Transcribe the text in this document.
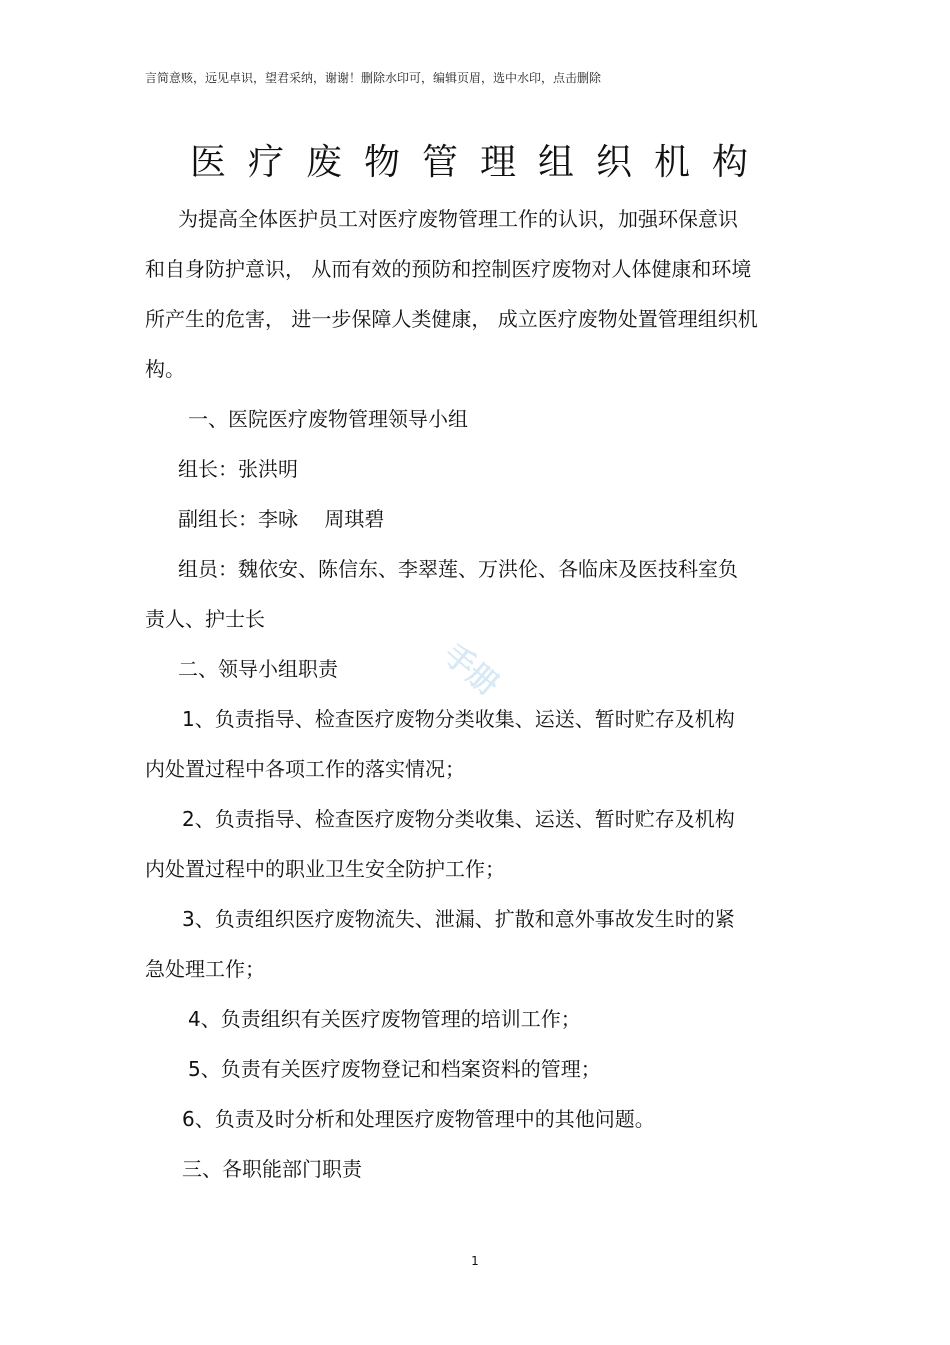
言简意赅，远见卓识，望君采纳，谢谢！删除水印可，编辑页眉，选中水印，点击删除
医疗废物管理组织机构
为提高全体医护员工对医疗废物管理工作的认识，加强环保意识
和自身防护意识， 从而有效的预防和控制医疗废物对人体健康和环境
所产生的危害， 进一步保障人类健康， 成立医疗废物处置管理组织机
构。
一、医院医疗废物管理领导小组
组长：张洪明
副组长：李咏　 周琪碧
组员：魏依安、陈信东、李翠莲、万洪伦、各临床及医技科室负
责人、护士长
二、领导小组职责
1、负责指导、检查医疗废物分类收集、运送、暂时贮存及机构
内处置过程中各项工作的落实情况；
2、负责指导、检查医疗废物分类收集、运送、暂时贮存及机构
内处置过程中的职业卫生安全防护工作；
3、负责组织医疗废物流失、泄漏、扩散和意外事故发生时的紧
急处理工作；
4、负责组织有关医疗废物管理的培训工作；
5、负责有关医疗废物登记和档案资料的管理；
6、负责及时分析和处理医疗废物管理中的其他问题。
三、各职能部门职责
手册
1
